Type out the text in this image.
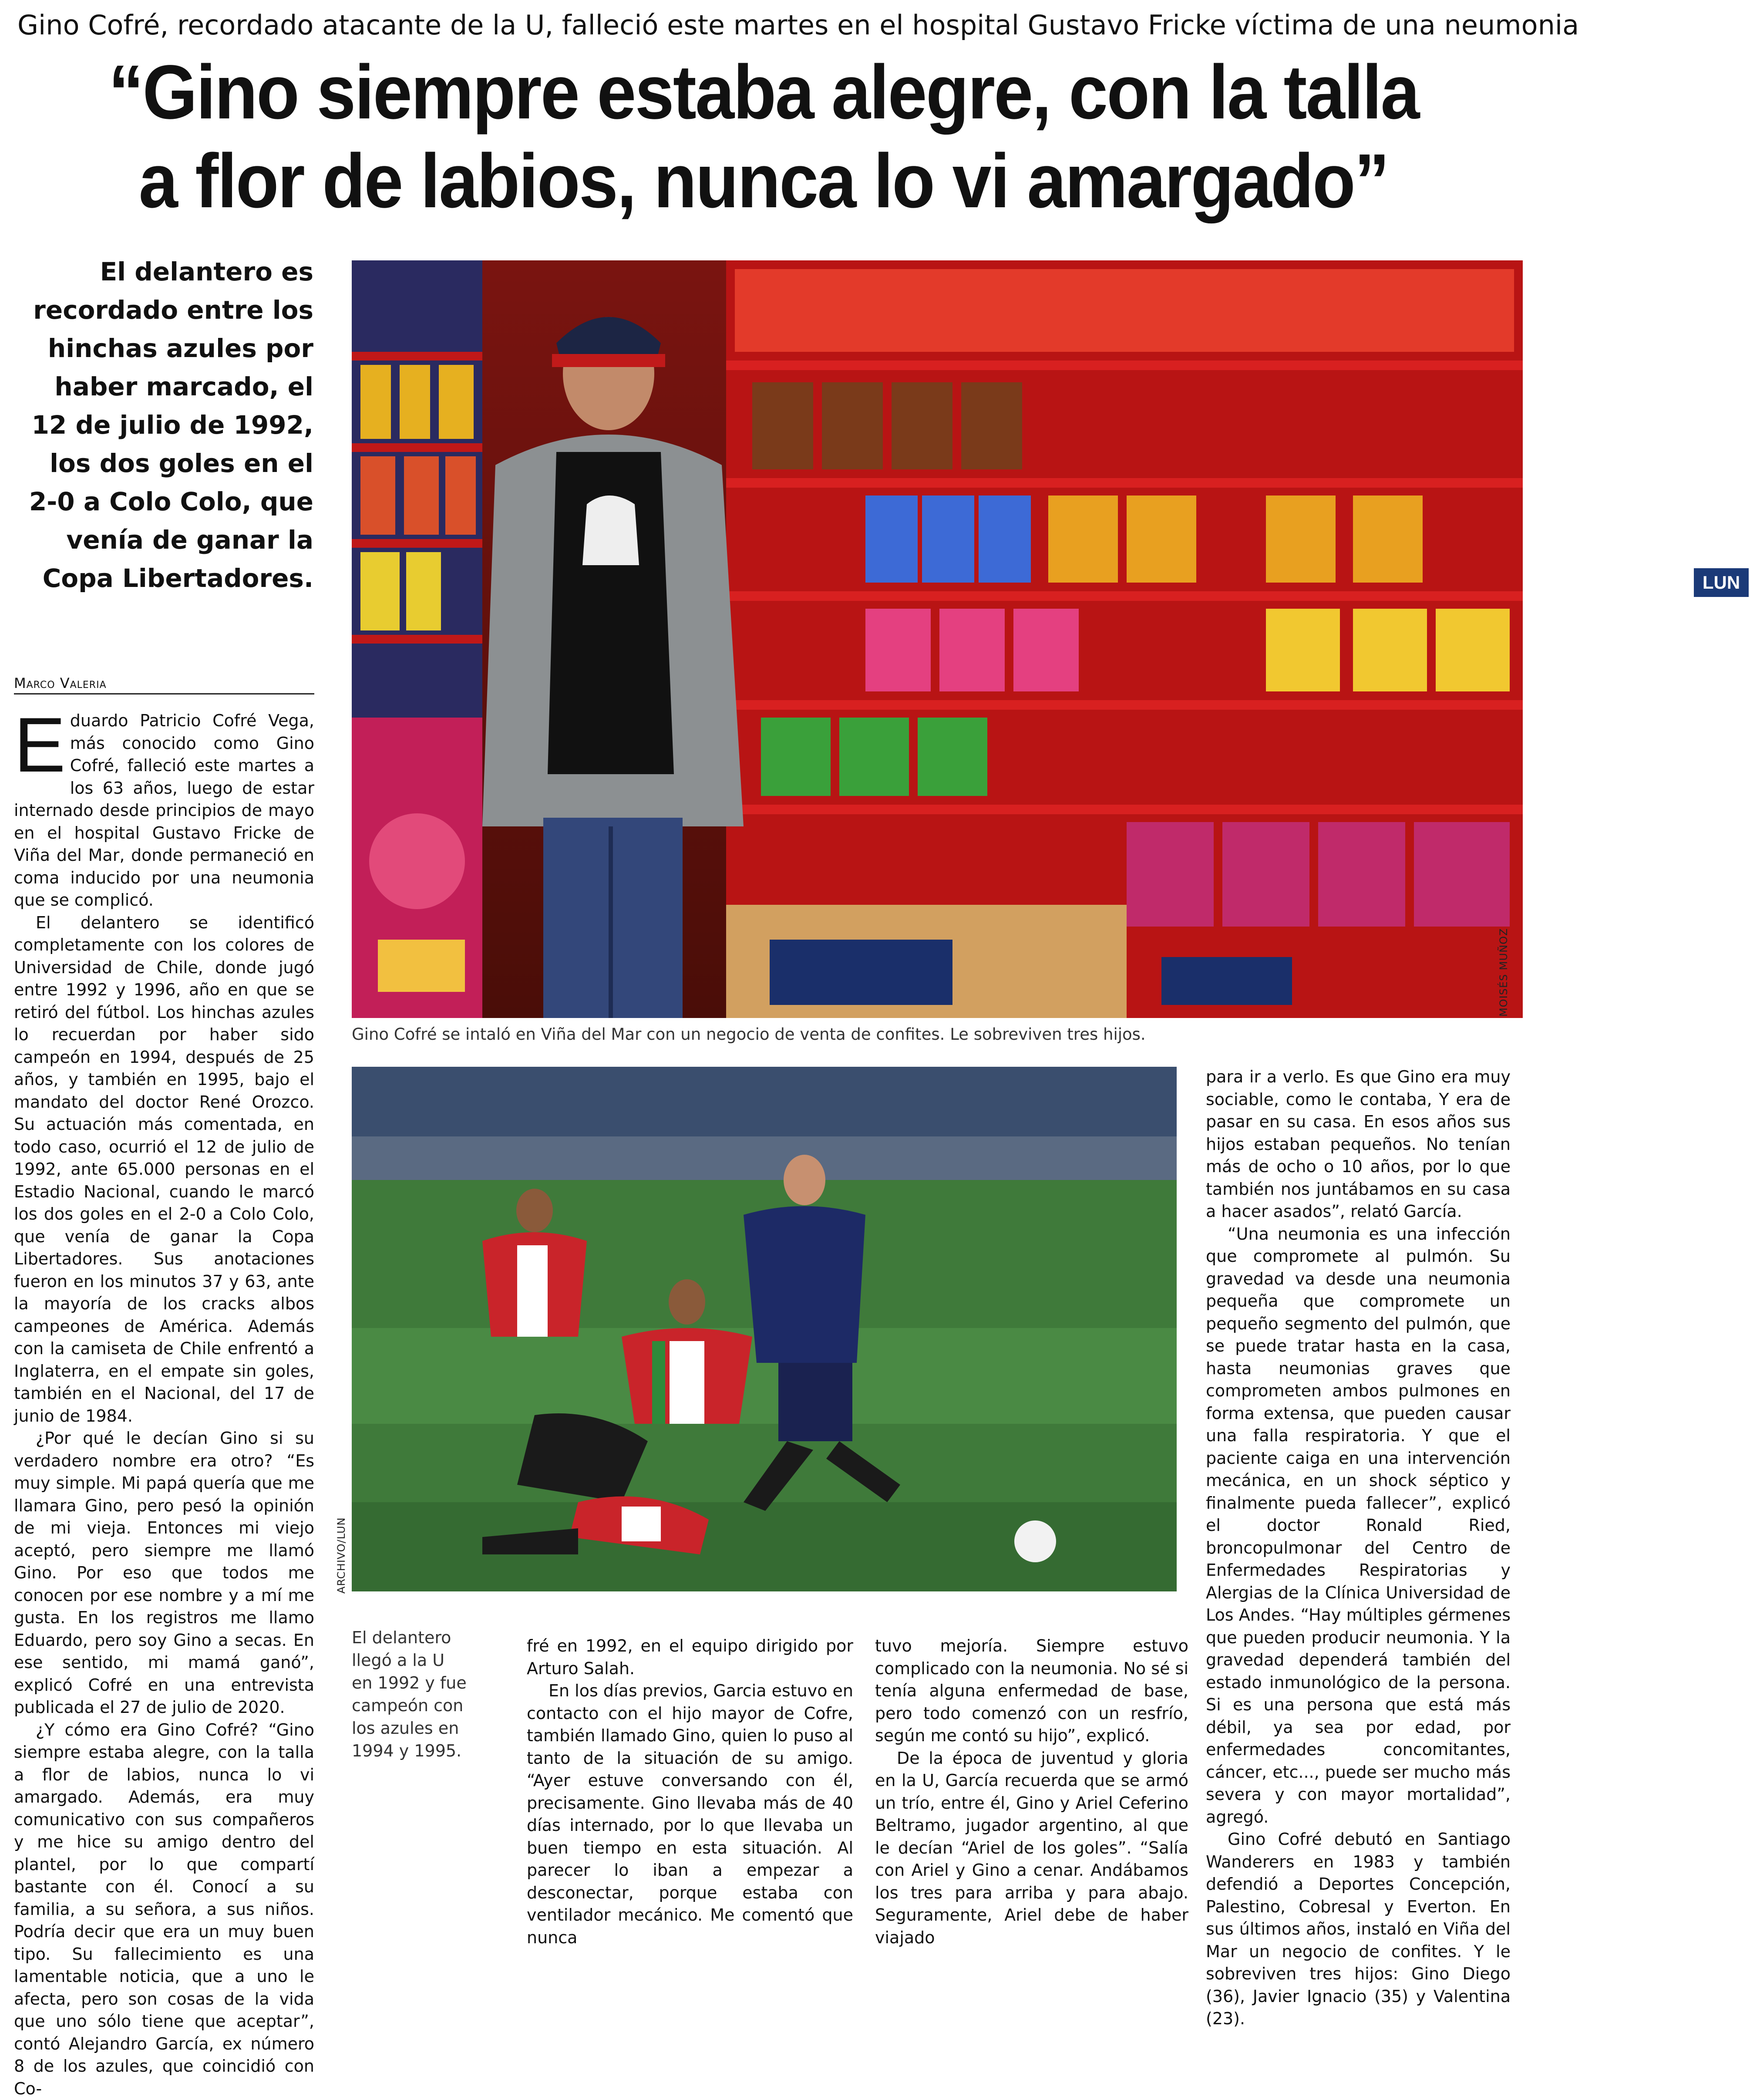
Gino Cofré, recordado atacante de la U, falleció este martes en el hospital Gustavo Fricke víctima de una neumonia
“Gino siempre estaba alegre, con la talla
a flor de labios, nunca lo vi amargado”
El delantero es recordado entre los hinchas azules por haber marcado, el 12 de julio de 1992, los dos goles en el 2-0 a Colo Colo, que venía de ganar la Copa Libertadores.
Marco Valeria
LUN
MOISÉS MUÑOZ
Gino Cofré se intaló en Viña del Mar con un negocio de venta de confites. Le sobreviven tres hijos.
ARCHIVO/LUN
El delantero llegó a la U en 1992 y fue campeón con los azules en 1994 y 1995.

Eduardo Patricio Cofré Vega, más conocido como Gino Cofré, falleció este martes a los 63 años, luego de estar internado desde principios de mayo en el hospital Gustavo Fricke de Viña del Mar, donde permaneció en coma inducido por una neumonia que se complicó.

El delantero se identificó completamente con los colores de Universidad de Chile, donde jugó entre 1992 y 1996, año en que se retiró del fútbol. Los hinchas azules lo recuerdan por haber sido campeón en 1994, después de 25 años, y también en 1995, bajo el mandato del doctor René Orozco. Su actuación más comentada, en todo caso, ocurrió el 12 de julio de 1992, ante 65.000 personas en el Estadio Nacional, cuando le marcó los dos goles en el 2-0 a Colo Colo, que venía de ganar la Copa Libertadores. Sus anotaciones fueron en los minutos 37 y 63, ante la mayoría de los cracks albos campeones de América. Además con la camiseta de Chile enfrentó a Inglaterra, en el empate sin goles, también en el Nacional, del 17 de junio de 1984.

¿Por qué le decían Gino si su verdadero nombre era otro? “Es muy simple. Mi papá quería que me llamara Gino, pero pesó la opinión de mi vieja. Entonces mi viejo aceptó, pero siempre me llamó Gino. Por eso que todos me conocen por ese nombre y a mí me gusta. En los registros me llamo Eduardo, pero soy Gino a secas. En ese sentido, mi mamá ganó”, explicó Cofré en una entrevista publicada el 27 de julio de 2020.

¿Y cómo era Gino Cofré? “Gino siempre estaba alegre, con la talla a flor de labios, nunca lo vi amargado. Además, era muy comunicativo con sus compañeros y me hice su amigo dentro del plantel, por lo que compartí bastante con él. Conocí a su familia, a su señora, a sus niños. Podría decir que era un muy buen tipo. Su fallecimiento es una lamentable noticia, que a uno le afecta, pero son cosas de la vida que uno sólo tiene que aceptar”, contó Alejandro García, ex número 8 de los azules, que coincidió con Co-

fré en 1992, en el equipo dirigido por Arturo Salah.

En los días previos, Garcia estuvo en contacto con el hijo mayor de Cofre, también llamado Gino, quien lo puso al tanto de la situación de su amigo. “Ayer estuve conversando con él, precisamente. Gino llevaba más de 40 días internado, por lo que llevaba un buen tiempo en esta situación. Al parecer lo iban a empezar a desconectar, porque estaba con ventilador mecánico. Me comentó que nunca

tuvo mejoría. Siempre estuvo complicado con la neumonia. No sé si tenía alguna enfermedad de base, pero todo comenzó con un resfrío, según me contó su hijo”, explicó.

De la época de juventud y gloria en la U, García recuerda que se armó un trío, entre él, Gino y Ariel Ceferino Beltramo, jugador argentino, al que le decían “Ariel de los goles”. “Salía con Ariel y Gino a cenar. Andábamos los tres para arriba y para abajo. Seguramente, Ariel debe de haber viajado

para ir a verlo. Es que Gino era muy sociable, como le contaba, Y era de pasar en su casa. En esos años sus hijos estaban pequeños. No tenían más de ocho o 10 años, por lo que también nos juntábamos en su casa a hacer asados”, relató García.

“Una neumonia es una infección que compromete al pulmón. Su gravedad va desde una neumonia pequeña que compromete un pequeño segmento del pulmón, que se puede tratar hasta en la casa, hasta neumonias graves que comprometen ambos pulmones en forma extensa, que pueden causar una falla respiratoria. Y que el paciente caiga en una intervención mecánica, en un shock séptico y finalmente pueda fallecer”, explicó el doctor Ronald Ried, broncopulmonar del Centro de Enfermedades Respiratorias y Alergias de la Clínica Universidad de Los Andes. “Hay múltiples gérmenes que pueden producir neumonia. Y la gravedad dependerá también del estado inmunológico de la persona. Si es una persona que está más débil, ya sea por edad, por enfermedades concomitantes, cáncer, etc..., puede ser mucho más severa y con mayor mortalidad”, agregó.

Gino Cofré debutó en Santiago Wanderers en 1983 y también defendió a Deportes Concepción, Palestino, Cobresal y Everton. En sus últimos años, instaló en Viña del Mar un negocio de confites. Y le sobreviven tres hijos: Gino Diego (36), Javier Ignacio (35) y Valentina (23).
